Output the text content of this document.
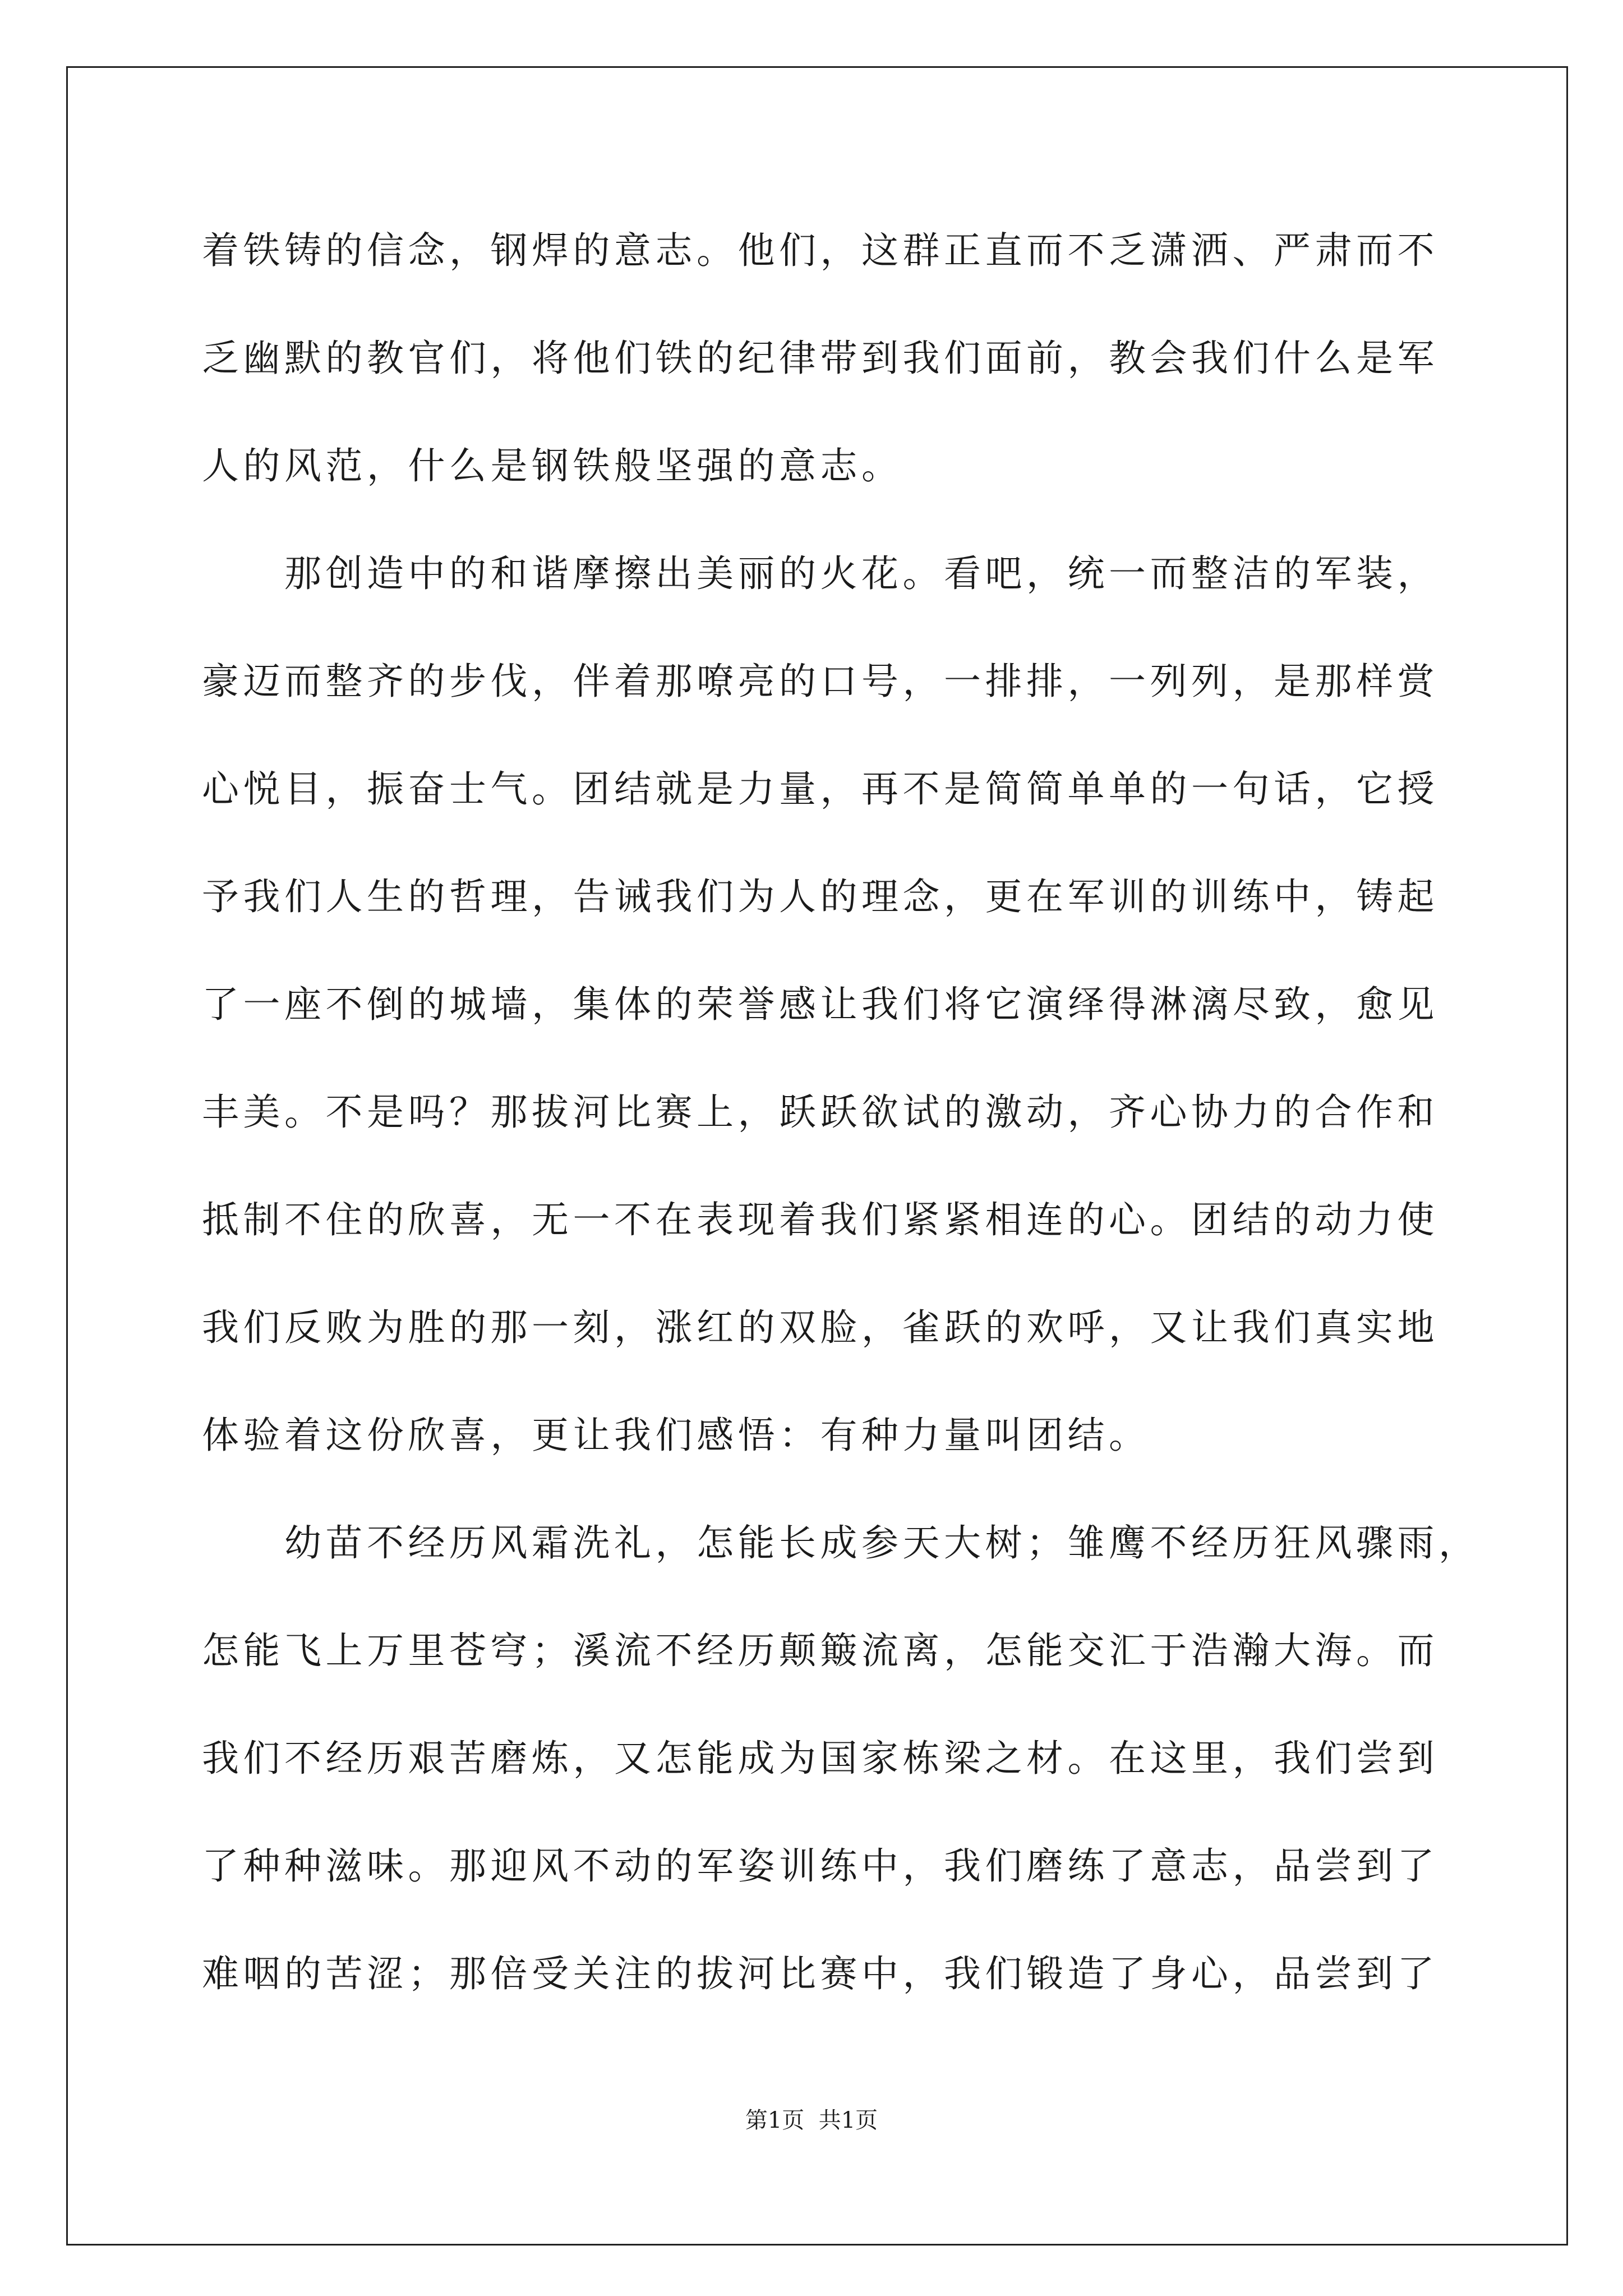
着铁铸的信念，钢焊的意志。他们，这群正直而不乏潇洒、严肃而不
乏幽默的教官们，将他们铁的纪律带到我们面前，教会我们什么是军
人的风范，什么是钢铁般坚强的意志。
那创造中的和谐摩擦出美丽的火花。看吧，统一而整洁的军装，
豪迈而整齐的步伐，伴着那嘹亮的口号，一排排，一列列，是那样赏
心悦目，振奋士气。团结就是力量，再不是简简单单的一句话，它授
予我们人生的哲理，告诫我们为人的理念，更在军训的训练中，铸起
了一座不倒的城墙，集体的荣誉感让我们将它演绎得淋漓尽致，愈见
丰美。不是吗？那拔河比赛上，跃跃欲试的激动，齐心协力的合作和
抵制不住的欣喜，无一不在表现着我们紧紧相连的心。团结的动力使
我们反败为胜的那一刻，涨红的双脸，雀跃的欢呼，又让我们真实地
体验着这份欣喜，更让我们感悟：有种力量叫团结。
幼苗不经历风霜洗礼，怎能长成参天大树；雏鹰不经历狂风骤雨，
怎能飞上万里苍穹；溪流不经历颠簸流离，怎能交汇于浩瀚大海。而
我们不经历艰苦磨炼，又怎能成为国家栋梁之材。在这里，我们尝到
了种种滋味。那迎风不动的军姿训练中，我们磨练了意志，品尝到了
难咽的苦涩；那倍受关注的拔河比赛中，我们锻造了身心，品尝到了
第1页  共1页
